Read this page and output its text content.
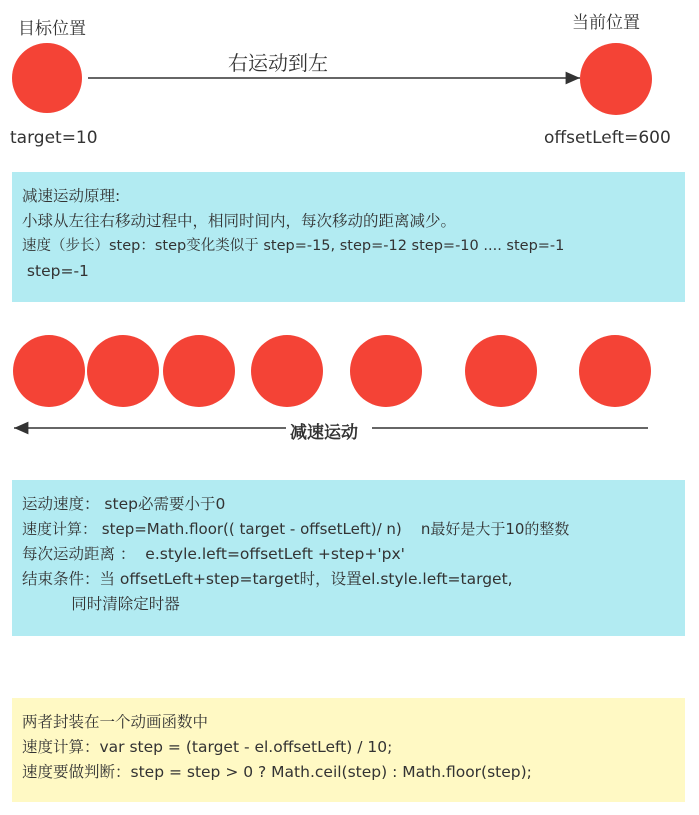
目标位置	当前位置
右运动到左
target=10	offsetLeft=600
减速运动原理:
小球从左往右移动过程中，相同时间内，每次移动的距离减少。
速度（步长）step：step变化类似于 step=-15, step=-12 step=-10 .... step=-1
step=-1
减速运动
运动速度： step必需要小于0
速度计算： step=Math.floor(( target - offsetLeft)/ n)    n最好是大于10的整数
每次运动距离 ：  e.style.left=offsetLeft +step+'px'
结束条件：当 offsetLeft+step=target时，设置el.style.left=target,
同时清除定时器
两者封装在一个动画函数中
速度计算：var step = (target - el.offsetLeft) / 10;
速度要做判断：step = step > 0 ? Math.ceil(step) : Math.floor(step);
